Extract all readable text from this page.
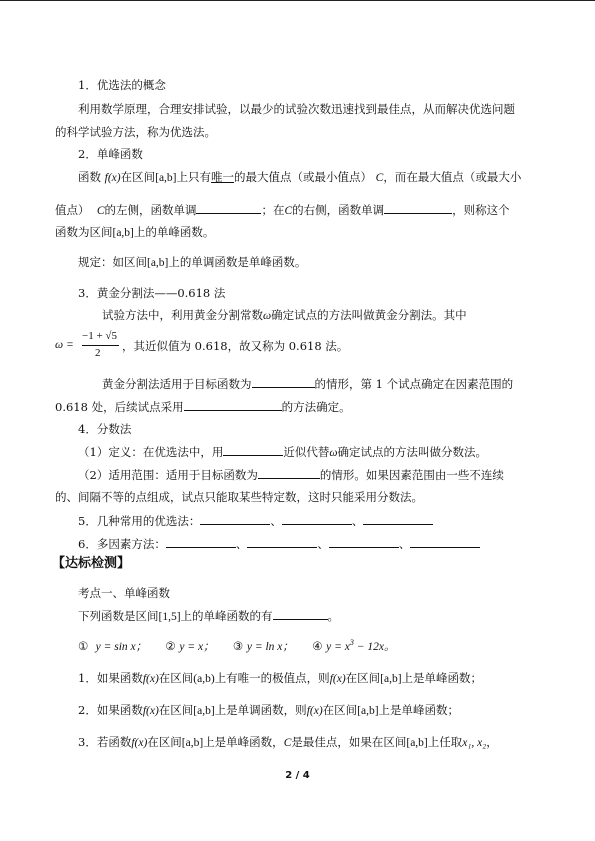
1．优选法的概念
利用数学原理，合理安排试验，以最少的试验次数迅速找到最佳点，从而解决优选问题
的科学试验方法，称为优选法。
2．单峰函数
函数 f(x)在区间[a,b]上只有唯一的最大值点（或最小值点） C，而在最大值点（或最大小
值点） C的左侧，函数单调	；在C的右侧，函数单调	，则称这个
函数为区间[a,b]上的单峰函数。
规定：如区间[a,b]上的单调函数是单峰函数。
3．黄金分割法——0.618 法
试验方法中，利用黄金分割常数ω确定试点的方法叫做黄金分割法。其中
ω =
−1 + √5
2 ，其近似值为 0.618，故又称为 0.618 法。
黄金分割法适用于目标函数为	的情形，第 1 个试点确定在因素范围的
0.618 处，后续试点采用	的方法确定。
4．分数法
（1）定义：在优选法中，用	近似代替ω确定试点的方法叫做分数法。
（2）适用范围：适用于目标函数为	的情形。如果因素范围由一些不连续
的、间隔不等的点组成，试点只能取某些特定数，这时只能采用分数法。
5．几种常用的优选法：	、	、
6．多因素方法：	、	、	、
【达标检测】
考点一、单峰函数
下列函数是区间[1,5]上的单峰函数的有	。
① y = sin x； ② y = x； ③ y = ln x； ④ $y = x^3 - 12x$。
1．如果函数f(x)在区间(a,b)上有唯一的极值点，则f(x)在区间[a,b]上是单峰函数；
2．如果函数f(x)在区间[a,b]上是单调函数，则f(x)在区间[a,b]上是单峰函数；
3．若函数f(x)在区间[a,b]上是单峰函数，C是最佳点，如果在区间[a,b]上任取x₁, x₂，
2 / 4
